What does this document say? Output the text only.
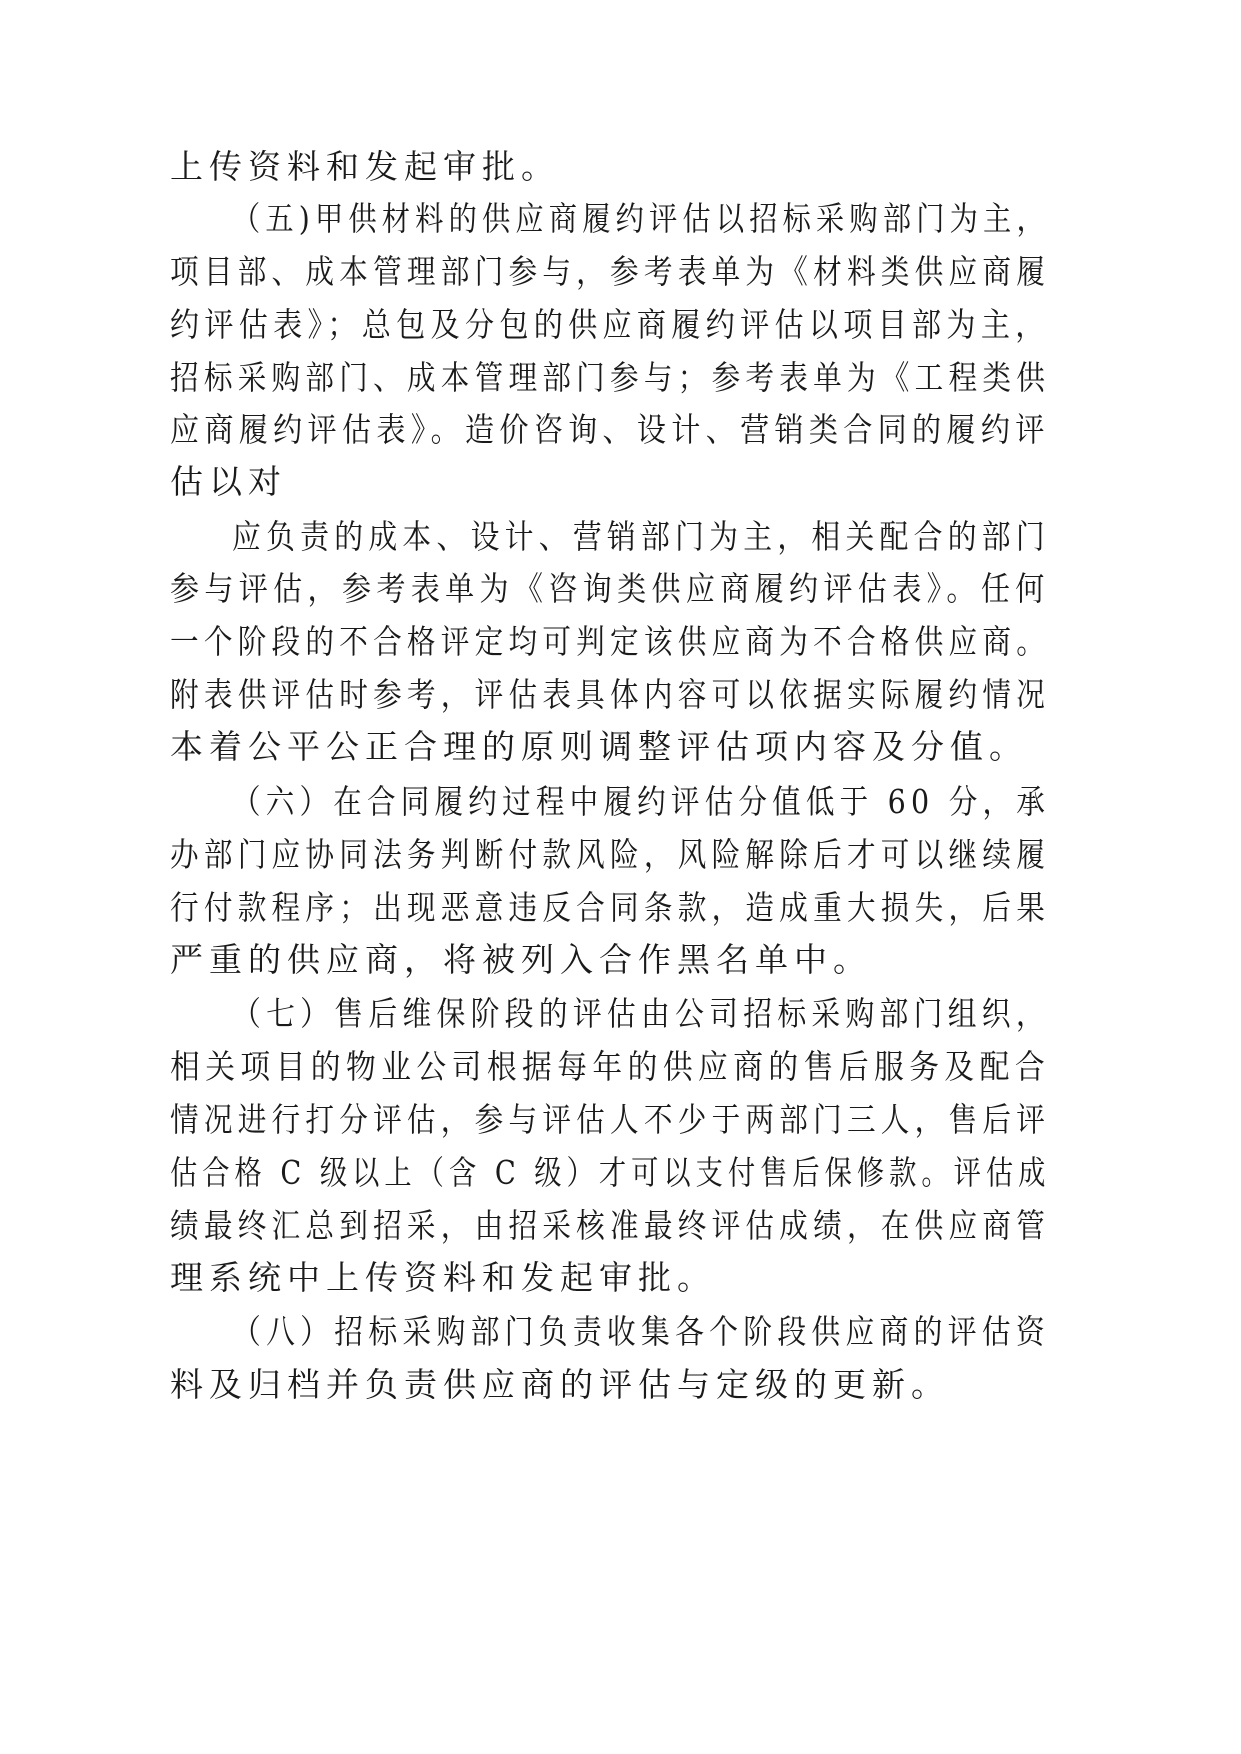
上传资料和发起审批。
（五)甲供材料的供应商履约评估以招标采购部门为主，
项目部、成本管理部门参与，参考表单为《材料类供应商履
约评估表》；总包及分包的供应商履约评估以项目部为主，
招标采购部门、成本管理部门参与；参考表单为《工程类供
应商履约评估表》。造价咨询、设计、营销类合同的履约评
估以对
应负责的成本、设计、营销部门为主，相关配合的部门
参与评估，参考表单为《咨询类供应商履约评估表》。任何
一个阶段的不合格评定均可判定该供应商为不合格供应商。
附表供评估时参考，评估表具体内容可以依据实际履约情况
本着公平公正合理的原则调整评估项内容及分值。
（六）在合同履约过程中履约评估分值低于 60 分，承
办部门应协同法务判断付款风险，风险解除后才可以继续履
行付款程序；出现恶意违反合同条款，造成重大损失，后果
严重的供应商，将被列入合作黑名单中。
（七）售后维保阶段的评估由公司招标采购部门组织，
相关项目的物业公司根据每年的供应商的售后服务及配合
情况进行打分评估，参与评估人不少于两部门三人，售后评
估合格 C 级以上（含 C 级）才可以支付售后保修款。评估成
绩最终汇总到招采，由招采核准最终评估成绩，在供应商管
理系统中上传资料和发起审批。
（八）招标采购部门负责收集各个阶段供应商的评估资
料及归档并负责供应商的评估与定级的更新。
